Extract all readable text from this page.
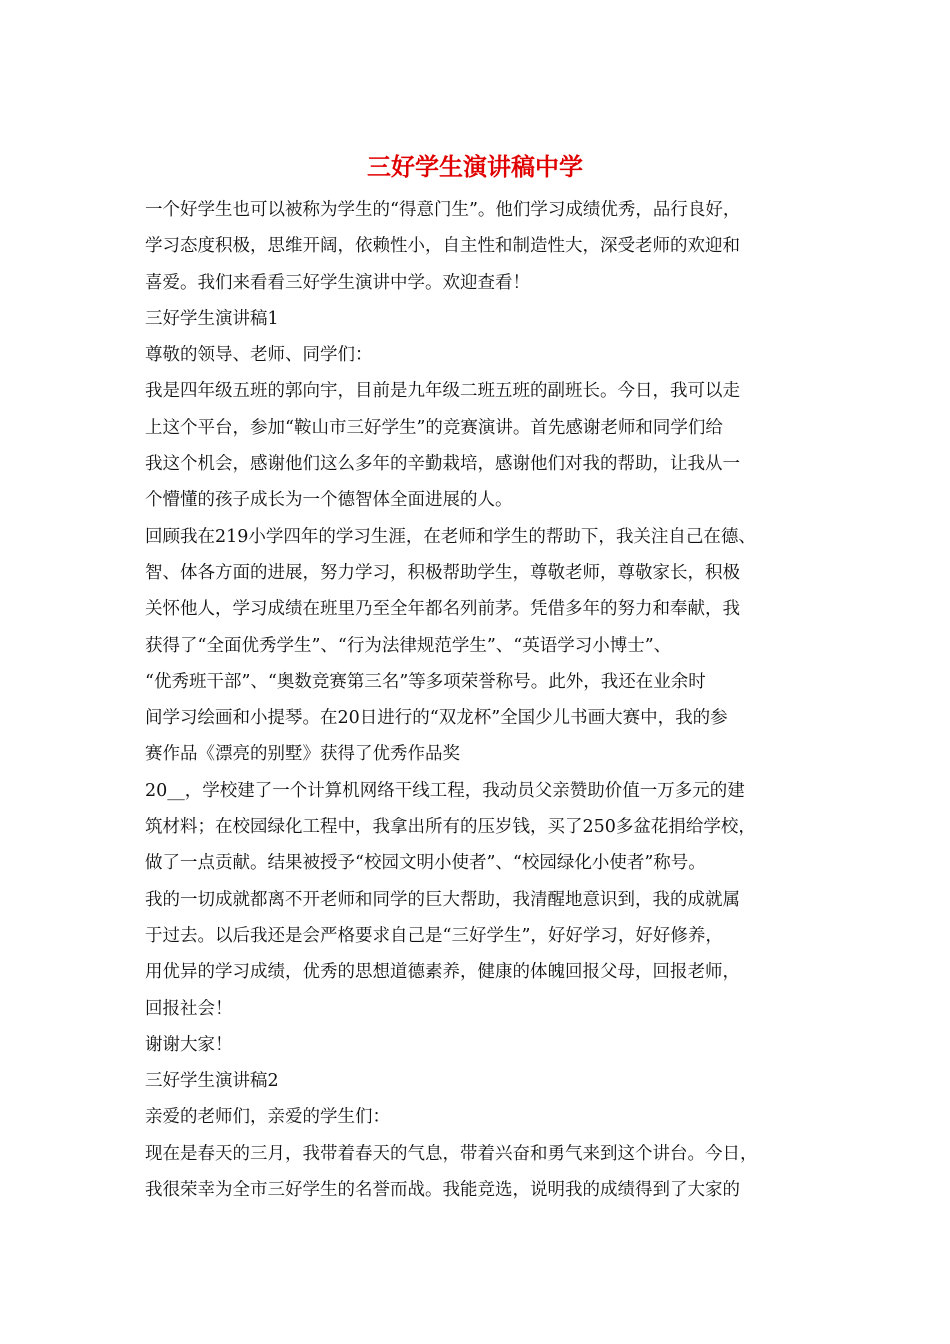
三好学生演讲稿中学

一个好学生也可以被称为学生的“得意门生”。他们学习成绩优秀，品行良好，

学习态度积极，思维开阔，依赖性小，自主性和制造性大，深受老师的欢迎和

喜爱。我们来看看三好学生演讲中学。欢迎查看！

三好学生演讲稿1

尊敬的领导、老师、同学们：

我是四年级五班的郭向宇，目前是九年级二班五班的副班长。今日，我可以走

上这个平台，参加“鞍山市三好学生”的竞赛演讲。首先感谢老师和同学们给

我这个机会，感谢他们这么多年的辛勤栽培，感谢他们对我的帮助，让我从一

个懵懂的孩子成长为一个德智体全面进展的人。

回顾我在219小学四年的学习生涯，在老师和学生的帮助下，我关注自己在德、

智、体各方面的进展，努力学习，积极帮助学生，尊敬老师，尊敬家长，积极

关怀他人，学习成绩在班里乃至全年都名列前茅。凭借多年的努力和奉献，我

获得了“全面优秀学生”、“行为法律规范学生”、“英语学习小博士”、

“优秀班干部”、“奥数竞赛第三名”等多项荣誉称号。此外，我还在业余时

间学习绘画和小提琴。在20日进行的“双龙杯”全国少儿书画大赛中，我的参

赛作品《漂亮的别墅》获得了优秀作品奖

20__，学校建了一个计算机网络干线工程，我动员父亲赞助价值一万多元的建

筑材料；在校园绿化工程中，我拿出所有的压岁钱，买了250多盆花捐给学校，

做了一点贡献。结果被授予“校园文明小使者”、“校园绿化小使者”称号。

我的一切成就都离不开老师和同学的巨大帮助，我清醒地意识到，我的成就属

于过去。以后我还是会严格要求自己是“三好学生”，好好学习，好好修养，

用优异的学习成绩，优秀的思想道德素养，健康的体魄回报父母，回报老师，

回报社会！

谢谢大家！

三好学生演讲稿2

亲爱的老师们，亲爱的学生们：

现在是春天的三月，我带着春天的气息，带着兴奋和勇气来到这个讲台。今日，

我很荣幸为全市三好学生的名誉而战。我能竞选，说明我的成绩得到了大家的
